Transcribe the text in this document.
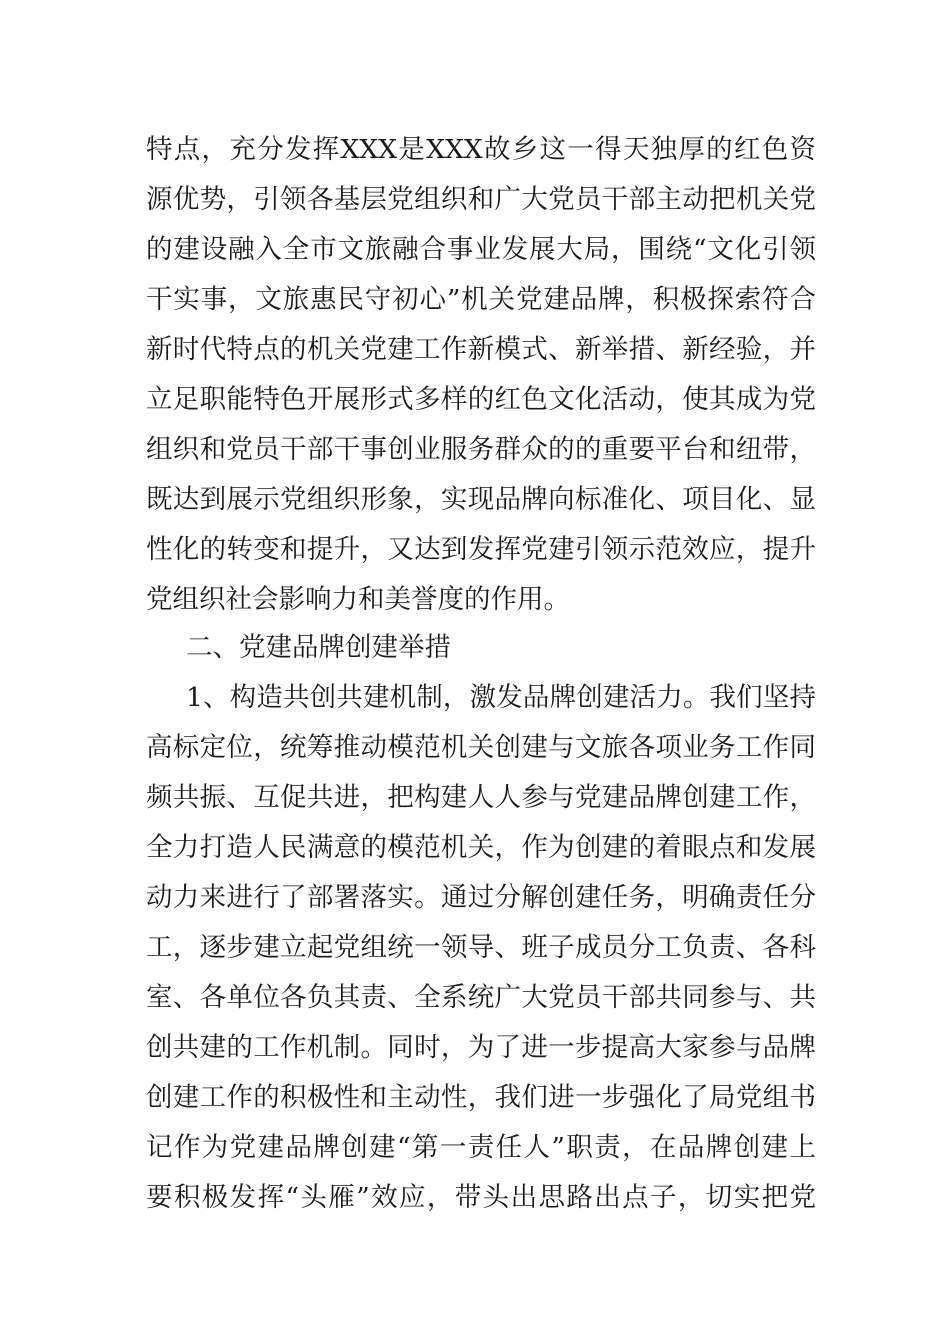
特点，充分发挥XXX是XXX故乡这一得天独厚的红色资
源优势，引领各基层党组织和广大党员干部主动把机关党
的建设融入全市文旅融合事业发展大局，围绕“文化引领
干实事，文旅惠民守初心”机关党建品牌，积极探索符合
新时代特点的机关党建工作新模式、新举措、新经验，并
立足职能特色开展形式多样的红色文化活动，使其成为党
组织和党员干部干事创业服务群众的的重要平台和纽带，
既达到展示党组织形象，实现品牌向标准化、项目化、显
性化的转变和提升，又达到发挥党建引领示范效应，提升
党组织社会影响力和美誉度的作用。
二、党建品牌创建举措
1、构造共创共建机制，激发品牌创建活力。我们坚持
高标定位，统筹推动模范机关创建与文旅各项业务工作同
频共振、互促共进，把构建人人参与党建品牌创建工作，
全力打造人民满意的模范机关，作为创建的着眼点和发展
动力来进行了部署落实。通过分解创建任务，明确责任分
工，逐步建立起党组统一领导、班子成员分工负责、各科
室、各单位各负其责、全系统广大党员干部共同参与、共
创共建的工作机制。同时，为了进一步提高大家参与品牌
创建工作的积极性和主动性，我们进一步强化了局党组书
记作为党建品牌创建“第一责任人”职责，在品牌创建上
要积极发挥“头雁”效应，带头出思路出点子，切实把党
